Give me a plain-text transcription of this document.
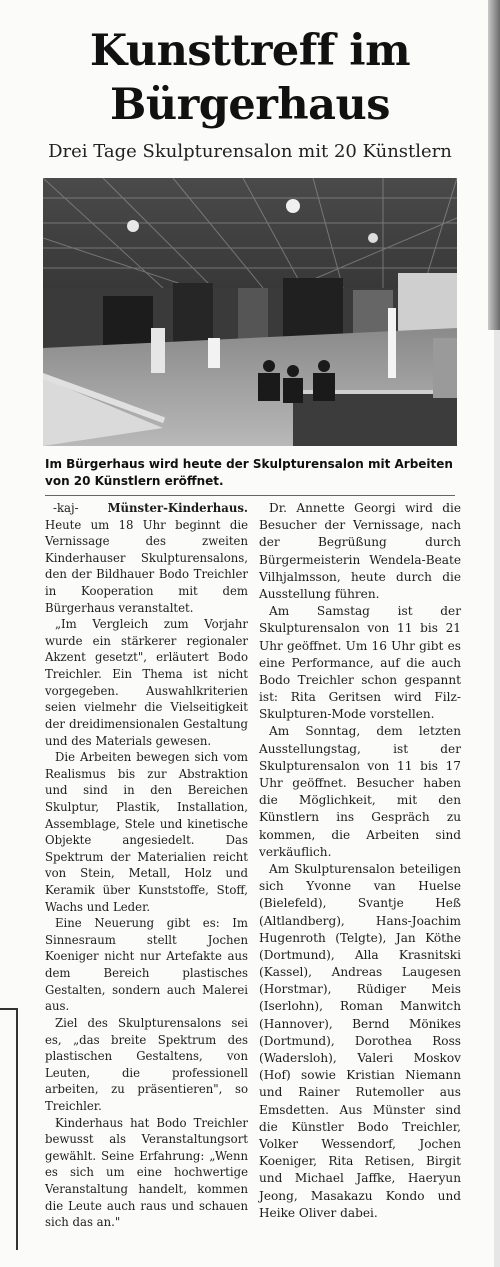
Kunsttreff im
Bürgerhaus
Drei Tage Skulpturensalon mit 20 Künstlern
Im Bürgerhaus wird heute der Skulpturensalon mit Arbeiten von 20 Künstlern eröffnet.

-kaj- Münster-Kinderhaus. Heute um 18 Uhr beginnt die Vernissage des zweiten Kinderhauser Skulpturensalons, den der Bildhauer Bodo Treichler in Kooperation mit dem Bürgerhaus veranstaltet.

„Im Vergleich zum Vorjahr wurde ein stärkerer regionaler Akzent gesetzt", erläutert Bodo Treichler. Ein Thema ist nicht vorgegeben. Auswahlkriterien seien vielmehr die Vielseitigkeit der dreidimensionalen Gestaltung und des Materials gewesen.

Die Arbeiten bewegen sich vom Realismus bis zur Abstraktion und sind in den Bereichen Skulptur, Plastik, Installation, Assemblage, Stele und kinetische Objekte angesiedelt. Das Spektrum der Materialien reicht von Stein, Metall, Holz und Keramik über Kunststoffe, Stoff, Wachs und Leder.

Eine Neuerung gibt es: Im Sinnesraum stellt Jochen Koeniger nicht nur Artefakte aus dem Bereich plastisches Gestalten, sondern auch Malerei aus.

Ziel des Skulpturensalons sei es, „das breite Spektrum des plastischen Gestaltens, von Leuten, die professionell arbeiten, zu präsentieren", so Treichler.

Kinderhaus hat Bodo Treichler bewusst als Veranstaltungsort gewählt. Seine Erfahrung: „Wenn es sich um eine hochwertige Veranstaltung handelt, kommen die Leute auch raus und schauen sich das an."

Dr. Annette Georgi wird die Besucher der Vernissage, nach der Begrüßung durch Bürgermeisterin Wendela-Beate Vilhjalmsson, heute durch die Ausstellung führen.

Am Samstag ist der Skulpturensalon von 11 bis 21 Uhr geöffnet. Um 16 Uhr gibt es eine Performance, auf die auch Bodo Treichler schon gespannt ist: Rita Geritsen wird Filz-Skulpturen-Mode vorstellen.

Am Sonntag, dem letzten Ausstellungstag, ist der Skulpturensalon von 11 bis 17 Uhr geöffnet. Besucher haben die Möglichkeit, mit den Künstlern ins Gespräch zu kommen, die Arbeiten sind verkäuflich.

Am Skulpturensalon beteiligen sich Yvonne van Huelse (Bielefeld), Svantje Heß (Altlandberg), Hans-Joachim Hugenroth (Telgte), Jan Köthe (Dortmund), Alla Krasnitski (Kassel), Andreas Laugesen (Horstmar), Rüdiger Meis (Iserlohn), Roman Manwitch (Hannover), Bernd Mönikes (Dortmund), Dorothea Ross (Wadersloh), Valeri Moskov (Hof) sowie Kristian Niemann und Rainer Rutemoller aus Emsdetten. Aus Münster sind die Künstler Bodo Treichler, Volker Wessendorf, Jochen Koeniger, Rita Retisen, Birgit und Michael Jaffke, Haeryun Jeong, Masakazu Kondo und Heike Oliver dabei.
